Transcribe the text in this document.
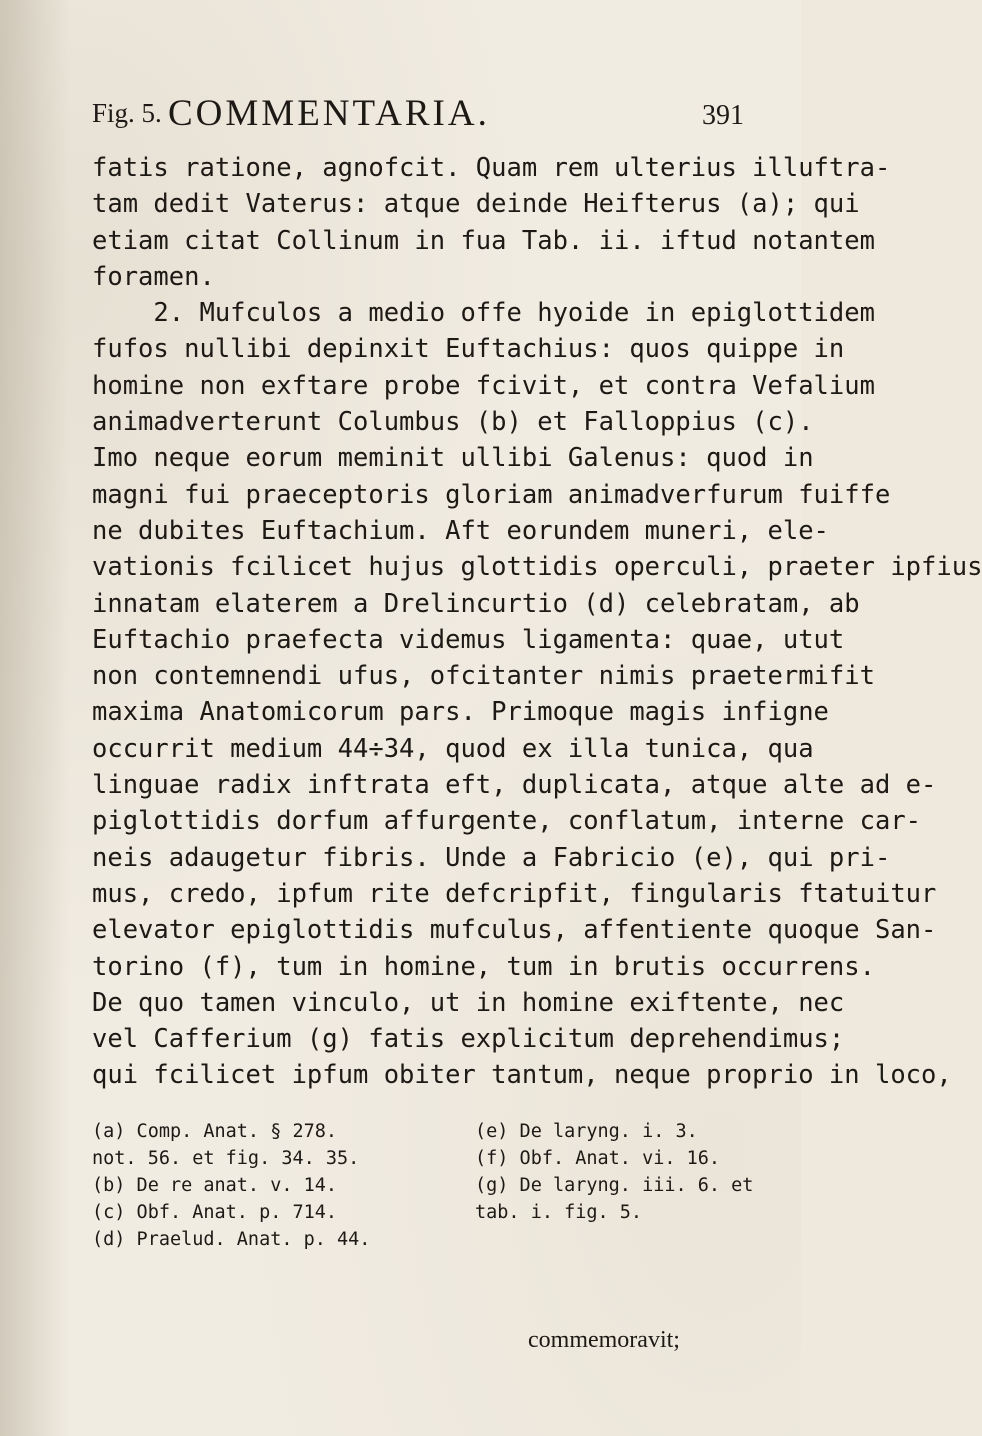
Fig. 5. COMMENTARIA.	391
fatis ratione, agnofcit. Quam rem ulterius illuftra-
tam dedit Vaterus: atque deinde Heifterus (a); qui
etiam citat Collinum in fua Tab. ii. iftud notantem
foramen.
2. Mufculos a medio offe hyoide in epiglottidem
fufos nullibi depinxit Euftachius: quos quippe in
homine non exftare probe fcivit, et contra Vefalium
animadverterunt Columbus (b) et Falloppius (c).
Imo neque eorum meminit ullibi Galenus: quod in
magni fui praeceptoris gloriam animadverfurum fuiffe
ne dubites Euftachium. Aft eorundem muneri, ele-
vationis fcilicet hujus glottidis operculi, praeter ipfius
innatam elaterem a Drelincurtio (d) celebratam, ab
Euftachio praefecta videmus ligamenta: quae, utut
non contemnendi ufus, ofcitanter nimis praetermifit
maxima Anatomicorum pars. Primoque magis infigne
occurrit medium 44÷34, quod ex illa tunica, qua
linguae radix inftrata eft, duplicata, atque alte ad e-
piglottidis dorfum affurgente, conflatum, interne car-
neis adaugetur fibris. Unde a Fabricio (e), qui pri-
mus, credo, ipfum rite defcripfit, fingularis ftatuitur
elevator epiglottidis mufculus, affentiente quoque San-
torino (f), tum in homine, tum in brutis occurrens.
De quo tamen vinculo, ut in homine exiftente, nec
vel Cafferium (g) fatis explicitum deprehendimus;
qui fcilicet ipfum obiter tantum, neque proprio in loco,
(a) Comp. Anat. § 278.
not. 56. et fig. 34. 35.
(b) De re anat. v. 14.
(c) Obf. Anat. p. 714.
(d) Praelud. Anat. p. 44.
(e) De laryng. i. 3.
(f) Obf. Anat. vi. 16.
(g) De laryng. iii. 6. et
tab. i. fig. 5.
commemoravit;
